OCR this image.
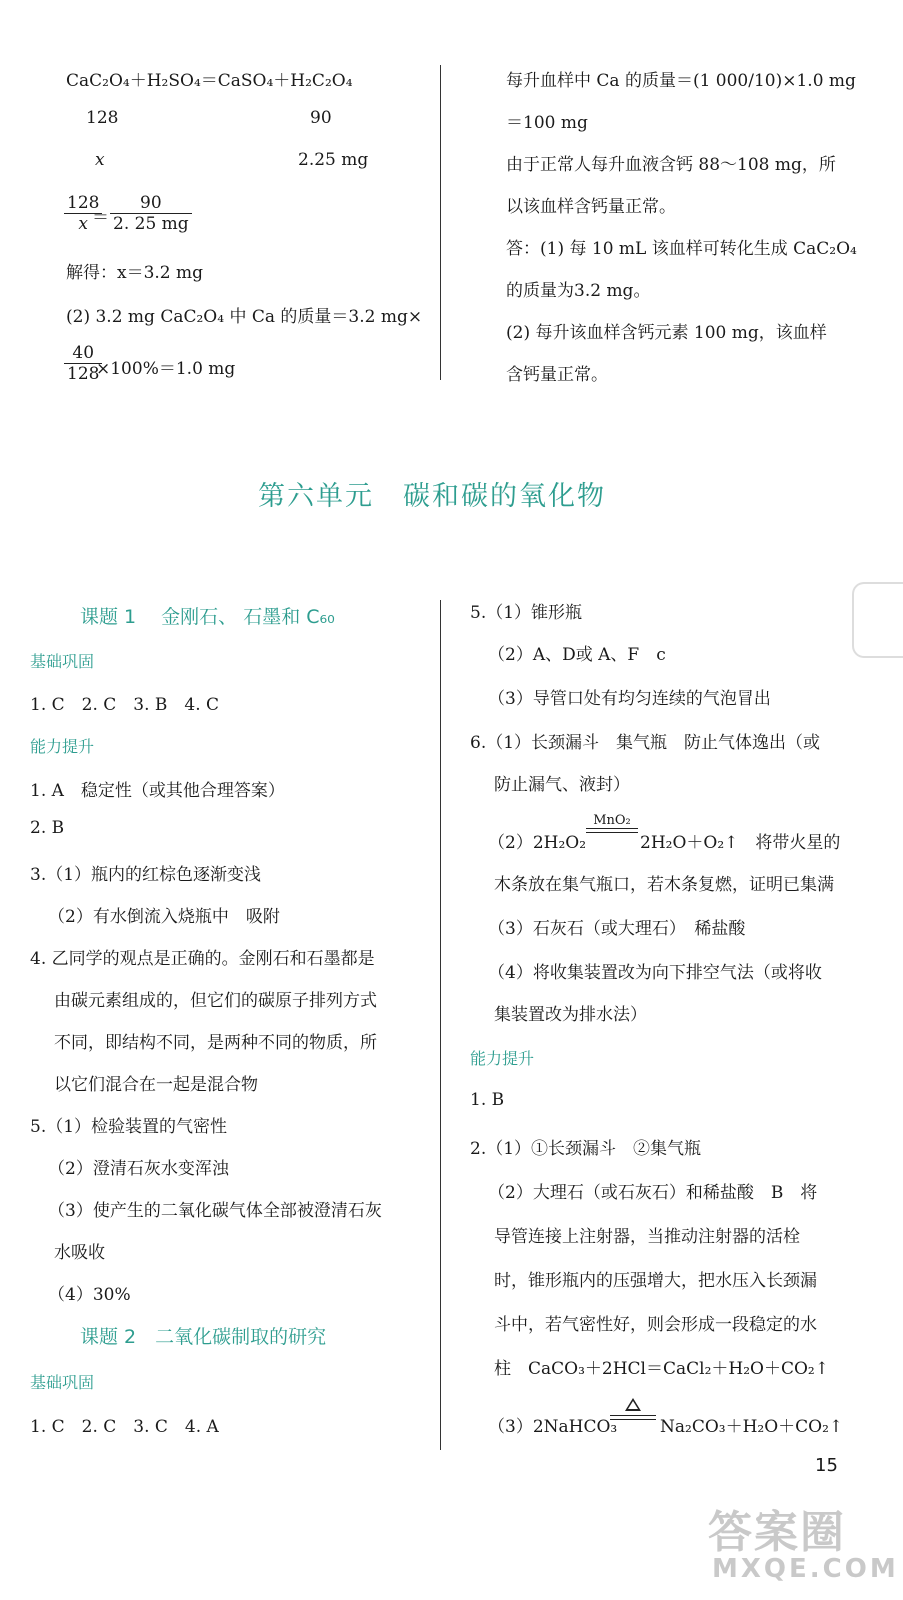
CaC₂O₄＋H₂SO₄＝CaSO₄＋H₂C₂O₄
128	90
x	2.25 mg
$\frac{128}{x}$
＝ $\frac{90}{2. 25 mg}$
解得：x＝3.2 mg
(2) 3.2 mg CaC₂O₄ 中 Ca 的质量＝3.2 mg×
$\frac{40}{128}$
×100%＝1.0 mg
每升血样中 Ca 的质量＝(1 000/10)×1.0 mg
＝100 mg
由于正常人每升血液含钙 88～108 mg，所
以该血样含钙量正常。
答：(1) 每 10 mL 该血样可转化生成 CaC₂O₄
的质量为3.2 mg。
(2) 每升该血样含钙元素 100 mg，该血样
含钙量正常。
第六单元　碳和碳的氧化物
课题 1　 金刚石、 石墨和 C₆₀
基础巩固
1. C　2. C　3. B　4. C
能力提升
1. A　稳定性（或其他合理答案）
2. B
3.（1）瓶内的红棕色逐渐变浅
（2）有水倒流入烧瓶中　吸附
4. 乙同学的观点是正确的。金刚石和石墨都是
由碳元素组成的，但它们的碳原子排列方式
不同，即结构不同，是两种不同的物质，所
以它们混合在一起是混合物
5.（1）检验装置的气密性
（2）澄清石灰水变浑浊
（3）使产生的二氧化碳气体全部被澄清石灰
水吸收
（4）30%
课题 2　二氧化碳制取的研究
基础巩固
1. C　2. C　3. C　4. A
5.（1）锥形瓶
（2）A、D或 A、F　c
（3）导管口处有均匀连续的气泡冒出
6.（1）长颈漏斗　集气瓶　防止气体逸出（或
防止漏气、液封）
（2）2H₂O₂
MnO₂
2H₂O＋O₂↑　将带火星的
木条放在集气瓶口，若木条复燃，证明已集满
（3）石灰石（或大理石）　稀盐酸
（4）将收集装置改为向下排空气法（或将收
集装置改为排水法）
能力提升
1. B
2.（1）①长颈漏斗　②集气瓶
（2）大理石（或石灰石）和稀盐酸　B　将
导管连接上注射器，当推动注射器的活栓
时，锥形瓶内的压强增大，把水压入长颈漏
斗中，若气密性好，则会形成一段稳定的水
柱　CaCO₃＋2HCl＝CaCl₂＋H₂O＋CO₂↑
（3）2NaHCO₃	Na₂CO₃＋H₂O＋CO₂↑
15
答案圈
MXQE.COM
